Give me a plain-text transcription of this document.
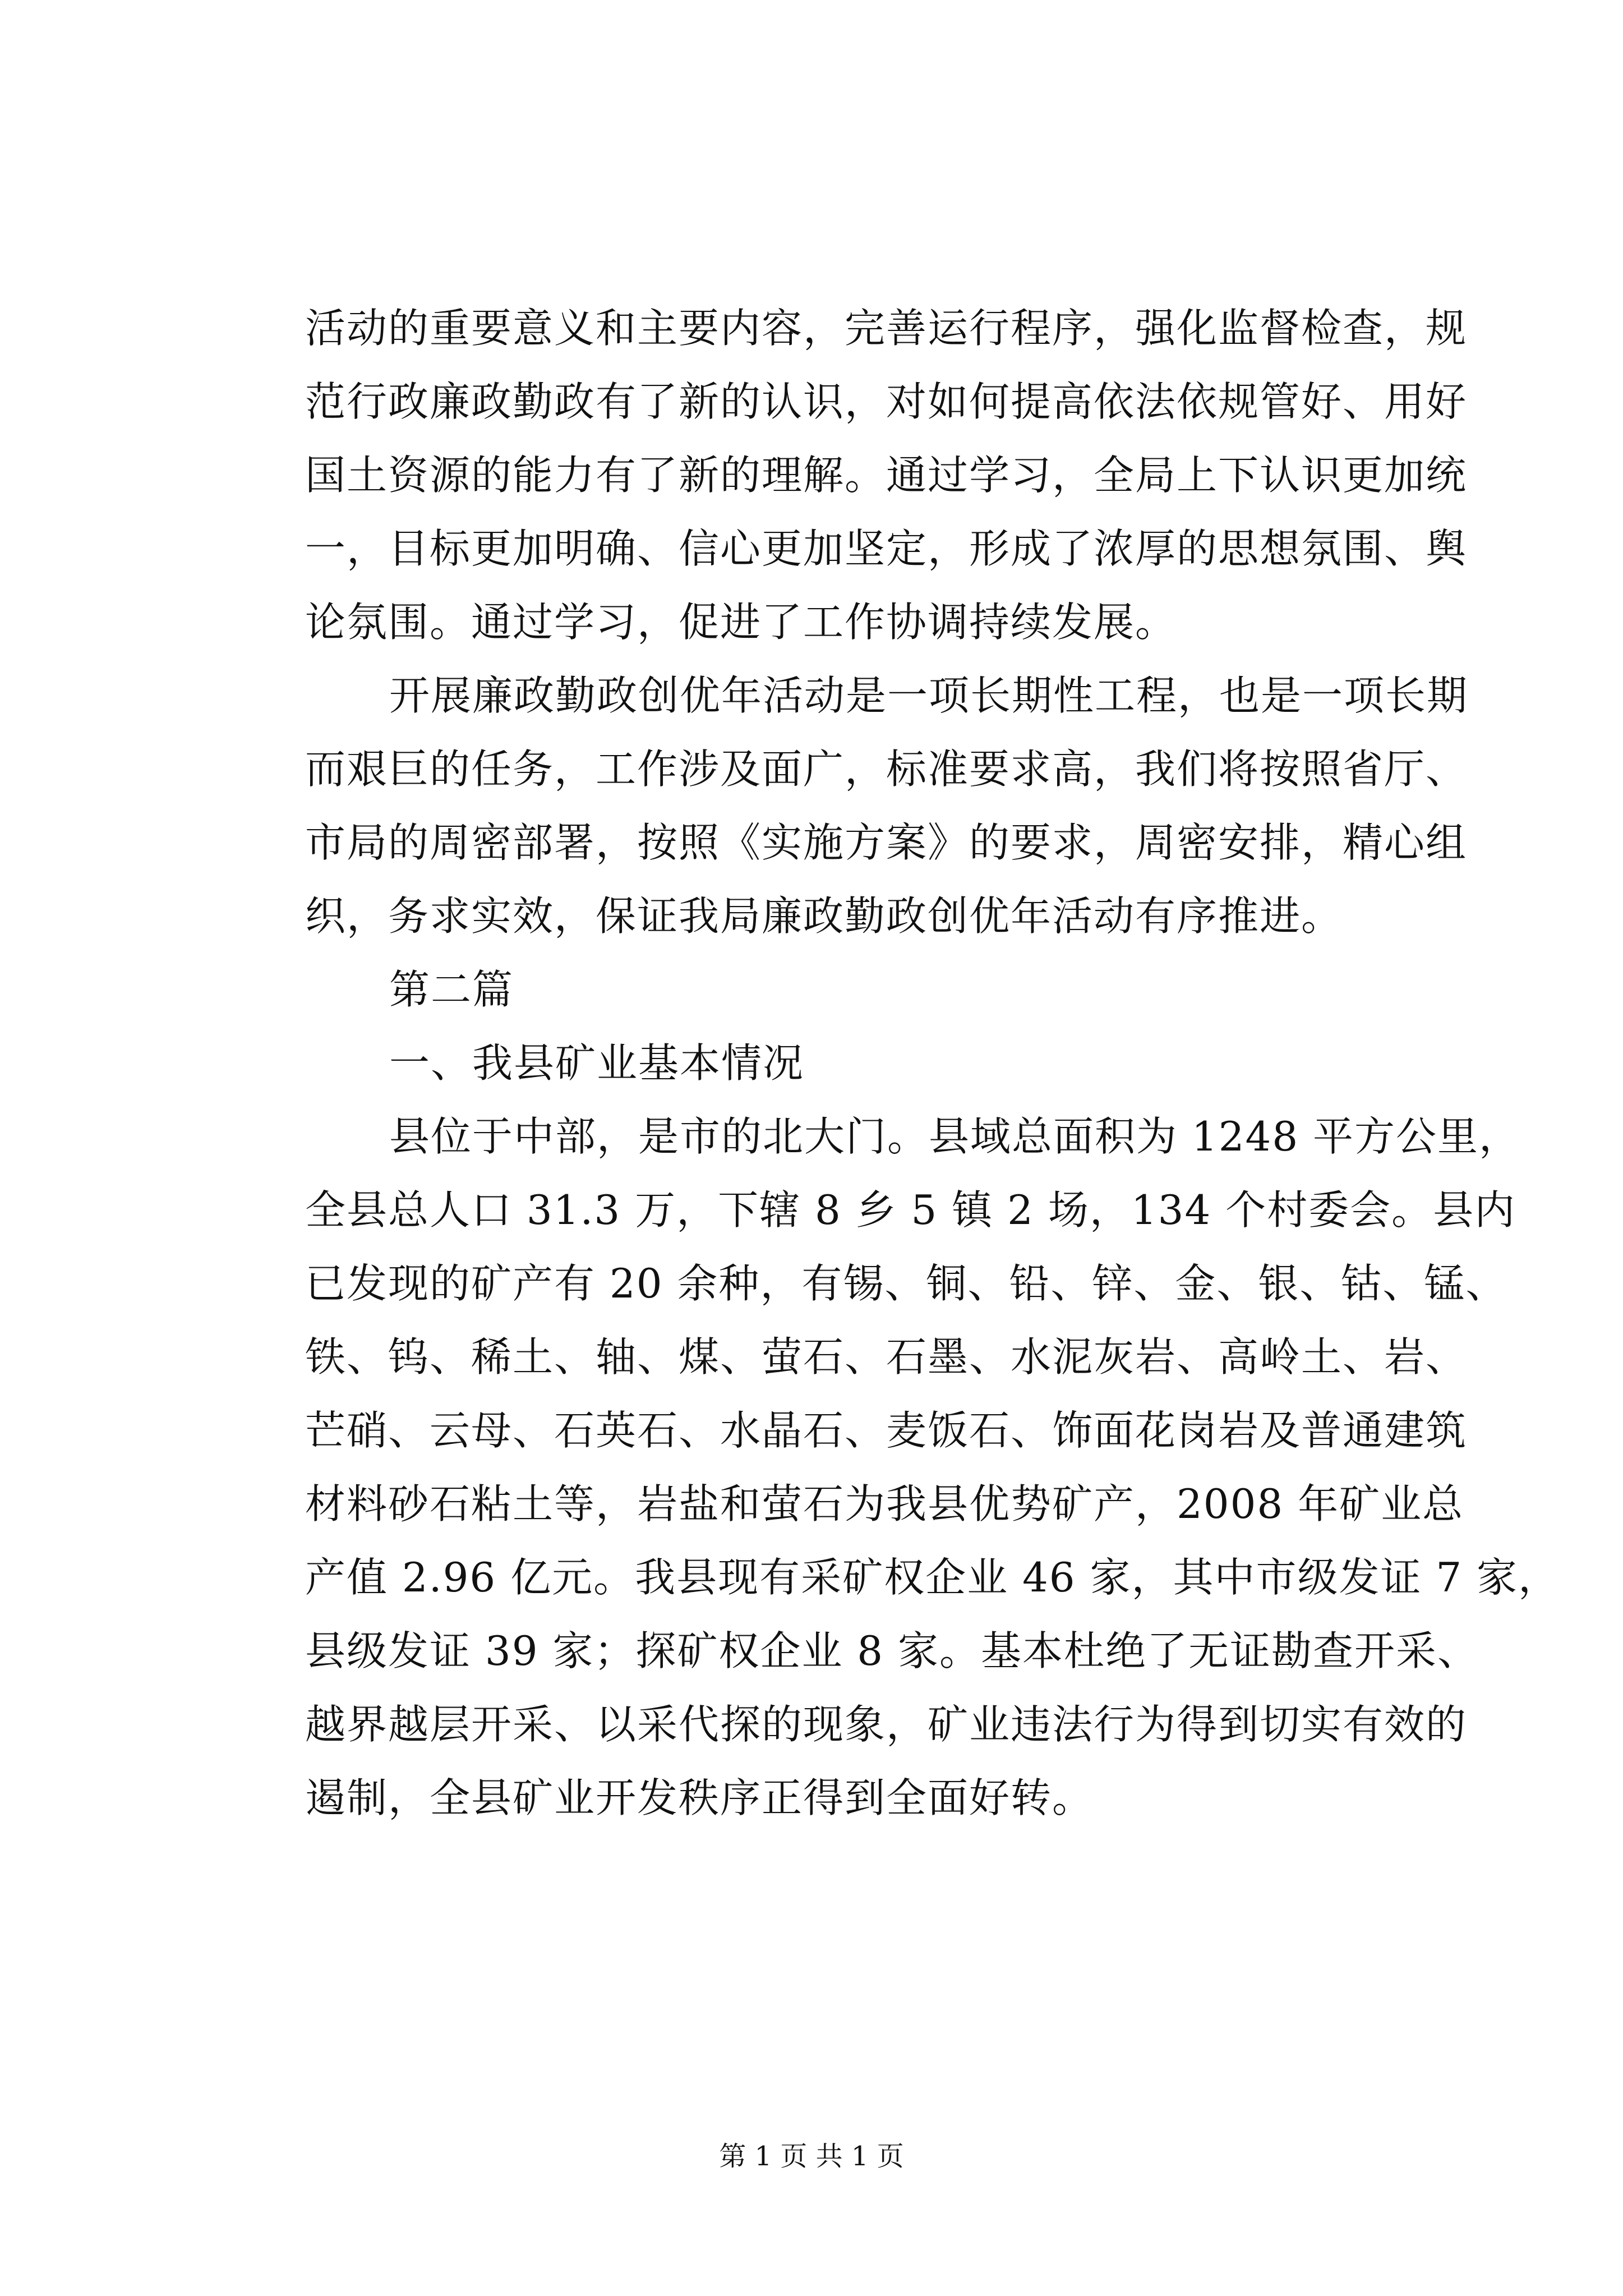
活动的重要意义和主要内容，完善运行程序，强化监督检查，规
范行政廉政勤政有了新的认识，对如何提高依法依规管好、用好
国土资源的能力有了新的理解。通过学习，全局上下认识更加统
一，目标更加明确、信心更加坚定，形成了浓厚的思想氛围、舆
论氛围。通过学习，促进了工作协调持续发展。
开展廉政勤政创优年活动是一项长期性工程，也是一项长期
而艰巨的任务，工作涉及面广，标准要求高，我们将按照省厅、
市局的周密部署，按照《实施方案》的要求，周密安排，精心组
织，务求实效，保证我局廉政勤政创优年活动有序推进。
第二篇
一、我县矿业基本情况
县位于中部，是市的北大门。县域总面积为 1248 平方公里，
全县总人口 31.3 万，下辖 8 乡 5 镇 2 场，134 个村委会。县内
已发现的矿产有 20 余种，有锡、铜、铅、锌、金、银、钴、锰、
铁、钨、稀土、轴、煤、萤石、石墨、水泥灰岩、高岭土、岩、
芒硝、云母、石英石、水晶石、麦饭石、饰面花岗岩及普通建筑
材料砂石粘土等，岩盐和萤石为我县优势矿产，2008 年矿业总
产值 2.96 亿元。我县现有采矿权企业 46 家，其中市级发证 7 家，
县级发证 39 家；探矿权企业 8 家。基本杜绝了无证勘查开采、
越界越层开采、以采代探的现象，矿业违法行为得到切实有效的
遏制，全县矿业开发秩序正得到全面好转。
第 1 页 共 1 页
